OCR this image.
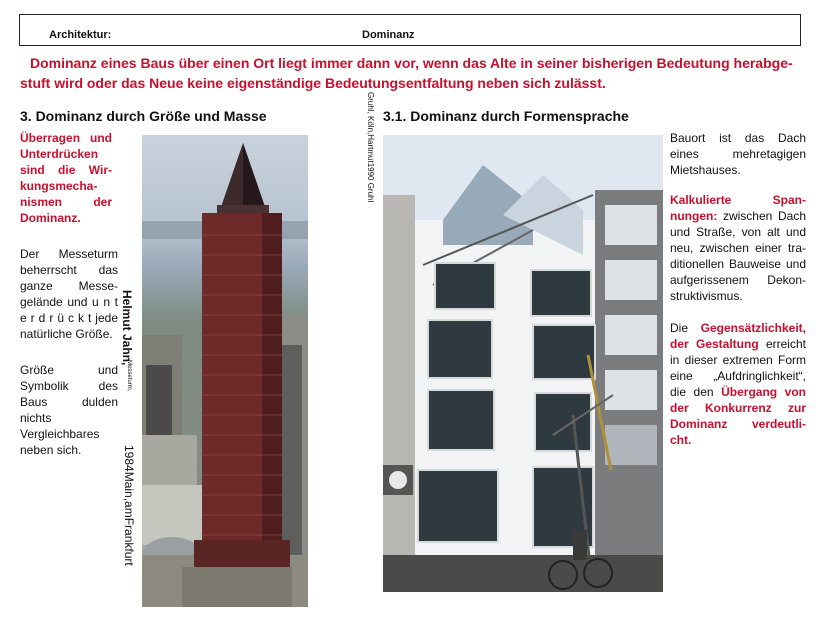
Architektur:	Dominanz
Dominanz eines Baus über einen Ort liegt immer dann vor, wenn das Alte in seiner bisherigen Bedeutung herabge-stuft wird oder das Neue keine eigenständige Bedeutungsentfaltung neben sich zulässt.
3. Dominanz durch Größe und Masse
Überragen und Unterdrücken sind die Wir-kungsmecha-nismen der Dominanz.
Der Messeturm beherrscht das ganze Messe-gelände und u n t e r d r ü c k t jede natürliche Größe.
Größe und Symbolik des Baus dulden nichts Vergleichbares neben sich.
Helmut Jahn,
Messeturm,
1984Main,amFrankfurt
Gruhl, Köln,Hartmut1990 Gruhl 3.1. Dominanz durch Formensprache
Bauort ist das Dach eines mehretagigen Mietshauses.
Kalkulierte Span-nungen: zwischen Dach und Straße, von alt und neu, zwischen einer tra-ditionellen Bauweise und aufgerissenem Dekon-struktivismus.
Die Gegensätzlichkeit, der Gestaltung erreicht in dieser extremen Form eine „Aufdringlichkeit“, die den Übergang von der Konkurrenz zur Dominanz verdeutli-cht.
